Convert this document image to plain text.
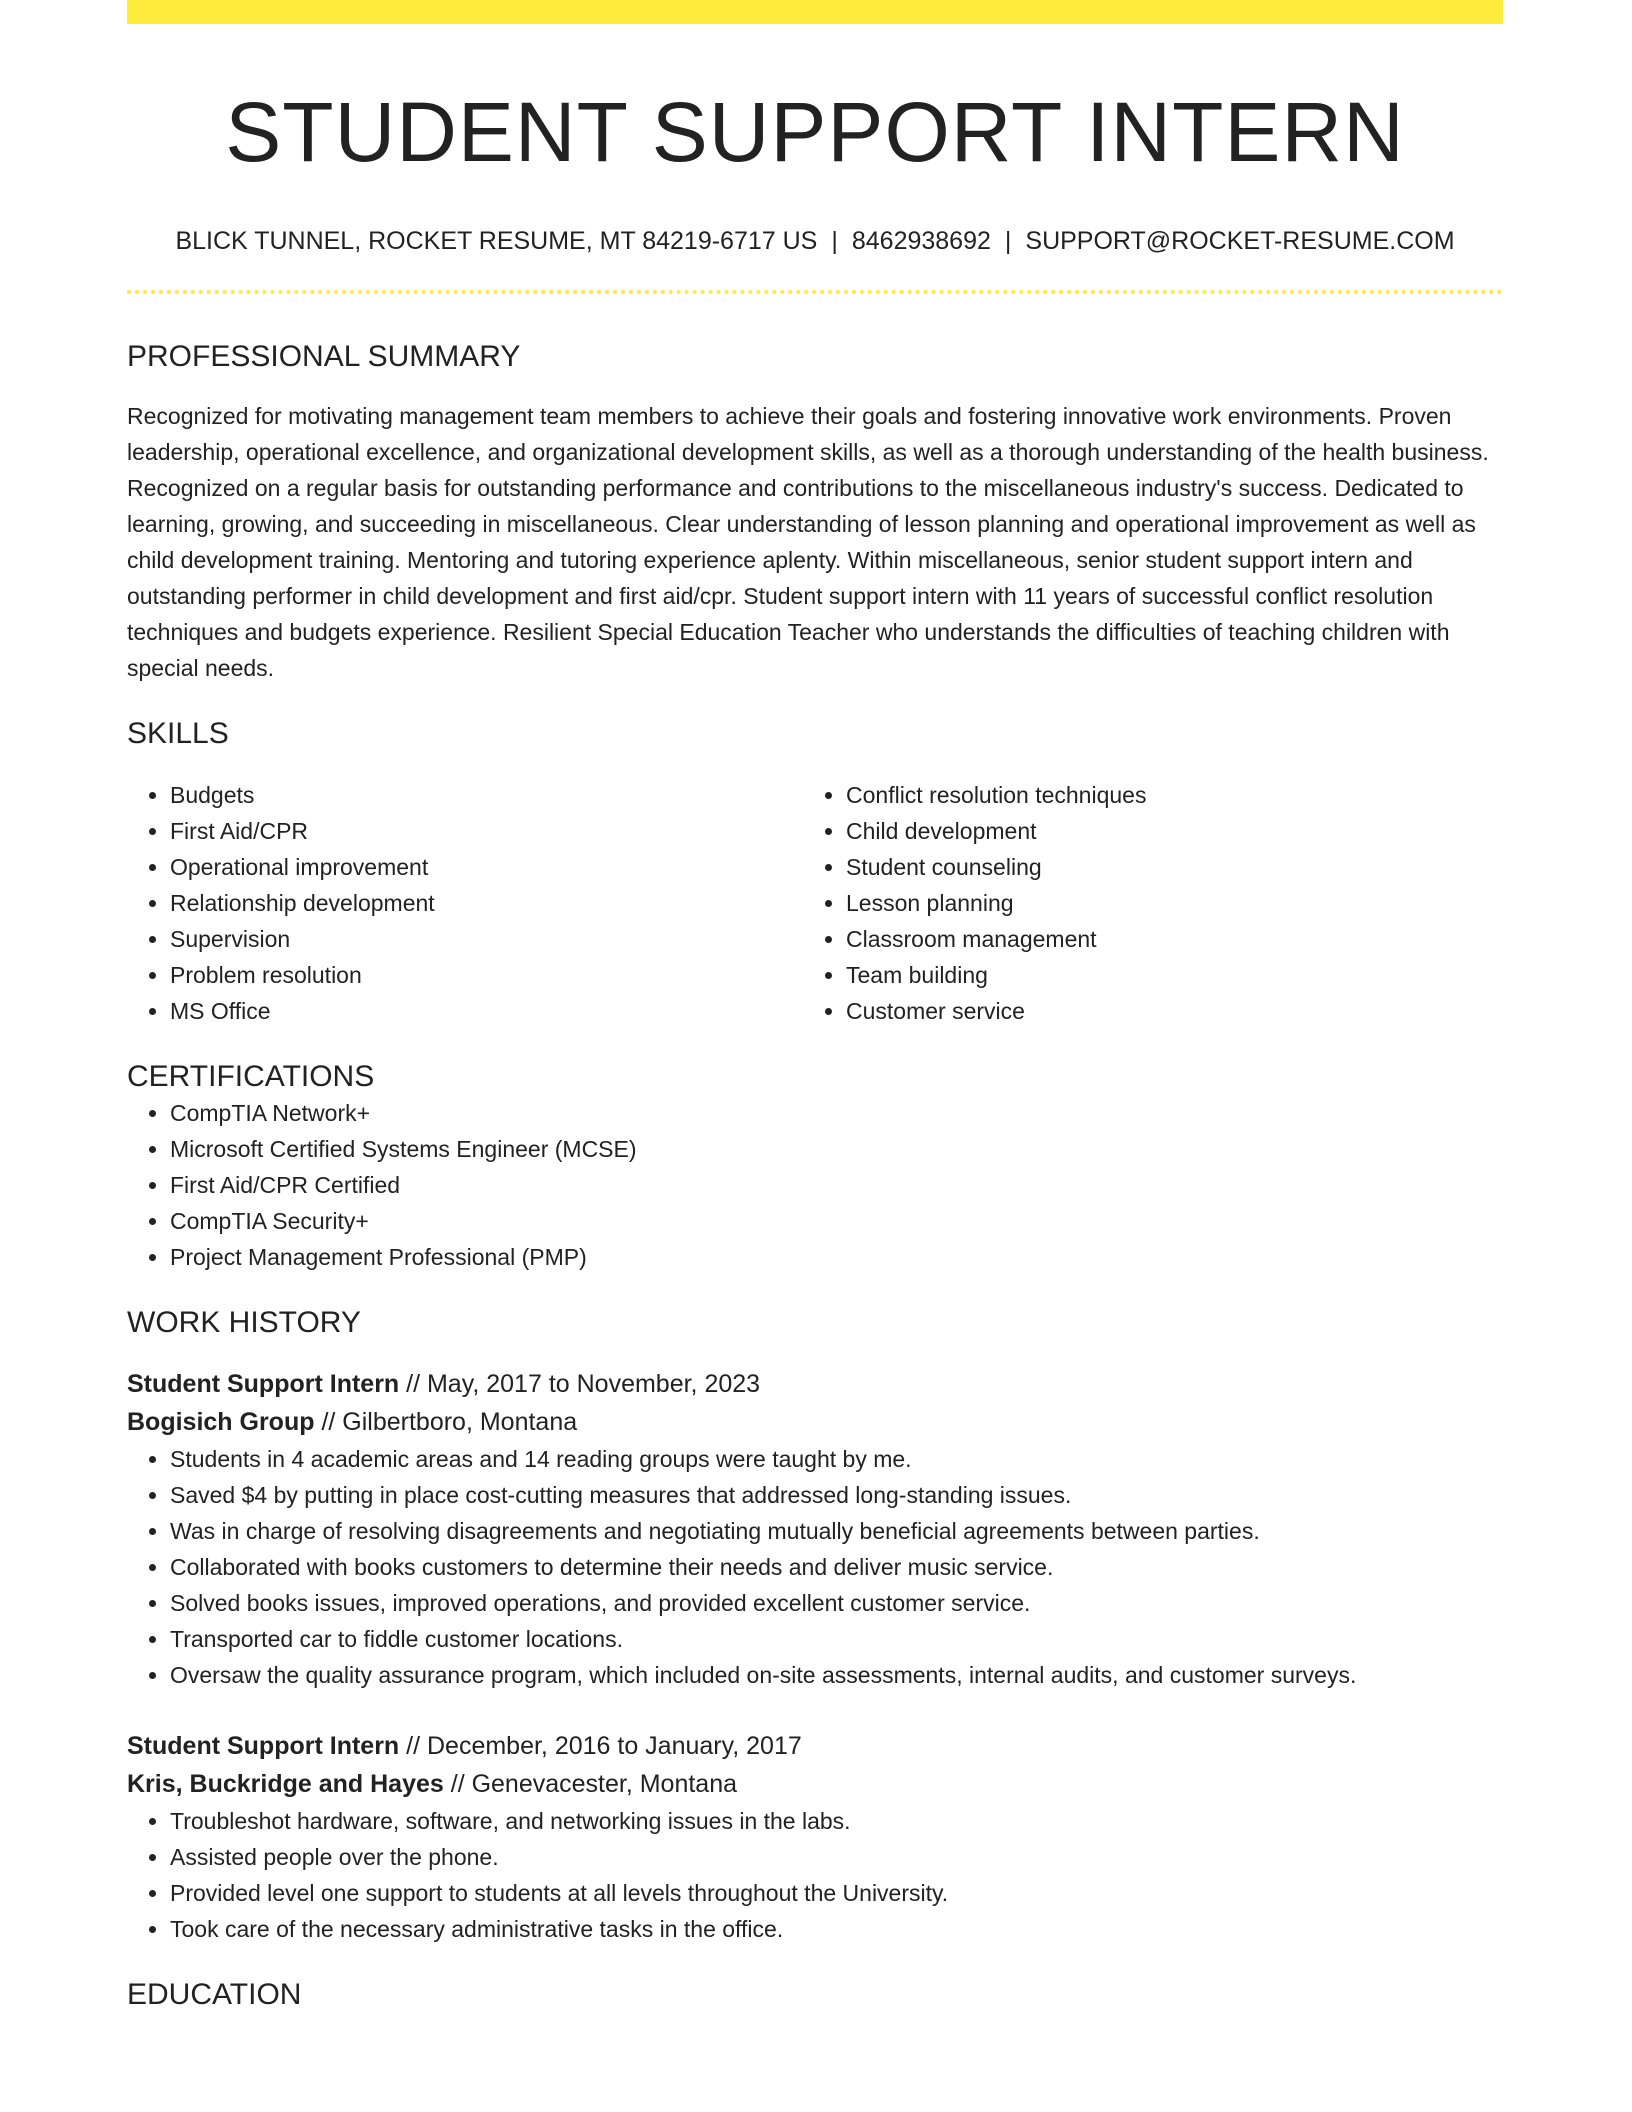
STUDENT SUPPORT INTERN
BLICK TUNNEL, ROCKET RESUME, MT 84219-6717 US | 8462938692 | SUPPORT@ROCKET-RESUME.COM
PROFESSIONAL SUMMARY
Recognized for motivating management team members to achieve their goals and fostering innovative work environments. Proven leadership, operational excellence, and organizational development skills, as well as a thorough understanding of the health business. Recognized on a regular basis for outstanding performance and contributions to the miscellaneous industry's success. Dedicated to learning, growing, and succeeding in miscellaneous. Clear understanding of lesson planning and operational improvement as well as child development training. Mentoring and tutoring experience aplenty. Within miscellaneous, senior student support intern and outstanding performer in child development and first aid/cpr. Student support intern with 11 years of successful conflict resolution techniques and budgets experience. Resilient Special Education Teacher who understands the difficulties of teaching children with special needs.
SKILLS
• Budgets
• First Aid/CPR
• Operational improvement
• Relationship development
• Supervision
• Problem resolution
• MS Office
• Conflict resolution techniques
• Child development
• Student counseling
• Lesson planning
• Classroom management
• Team building
• Customer service
CERTIFICATIONS
• CompTIA Network+
• Microsoft Certified Systems Engineer (MCSE)
• First Aid/CPR Certified
• CompTIA Security+
• Project Management Professional (PMP)
WORK HISTORY
Student Support Intern // May, 2017 to November, 2023
Bogisich Group // Gilbertboro, Montana
• Students in 4 academic areas and 14 reading groups were taught by me.
• Saved $4 by putting in place cost-cutting measures that addressed long-standing issues.
• Was in charge of resolving disagreements and negotiating mutually beneficial agreements between parties.
• Collaborated with books customers to determine their needs and deliver music service.
• Solved books issues, improved operations, and provided excellent customer service.
• Transported car to fiddle customer locations.
• Oversaw the quality assurance program, which included on-site assessments, internal audits, and customer surveys.
Student Support Intern // December, 2016 to January, 2017
Kris, Buckridge and Hayes // Genevacester, Montana
• Troubleshot hardware, software, and networking issues in the labs.
• Assisted people over the phone.
• Provided level one support to students at all levels throughout the University.
• Took care of the necessary administrative tasks in the office.
EDUCATION
